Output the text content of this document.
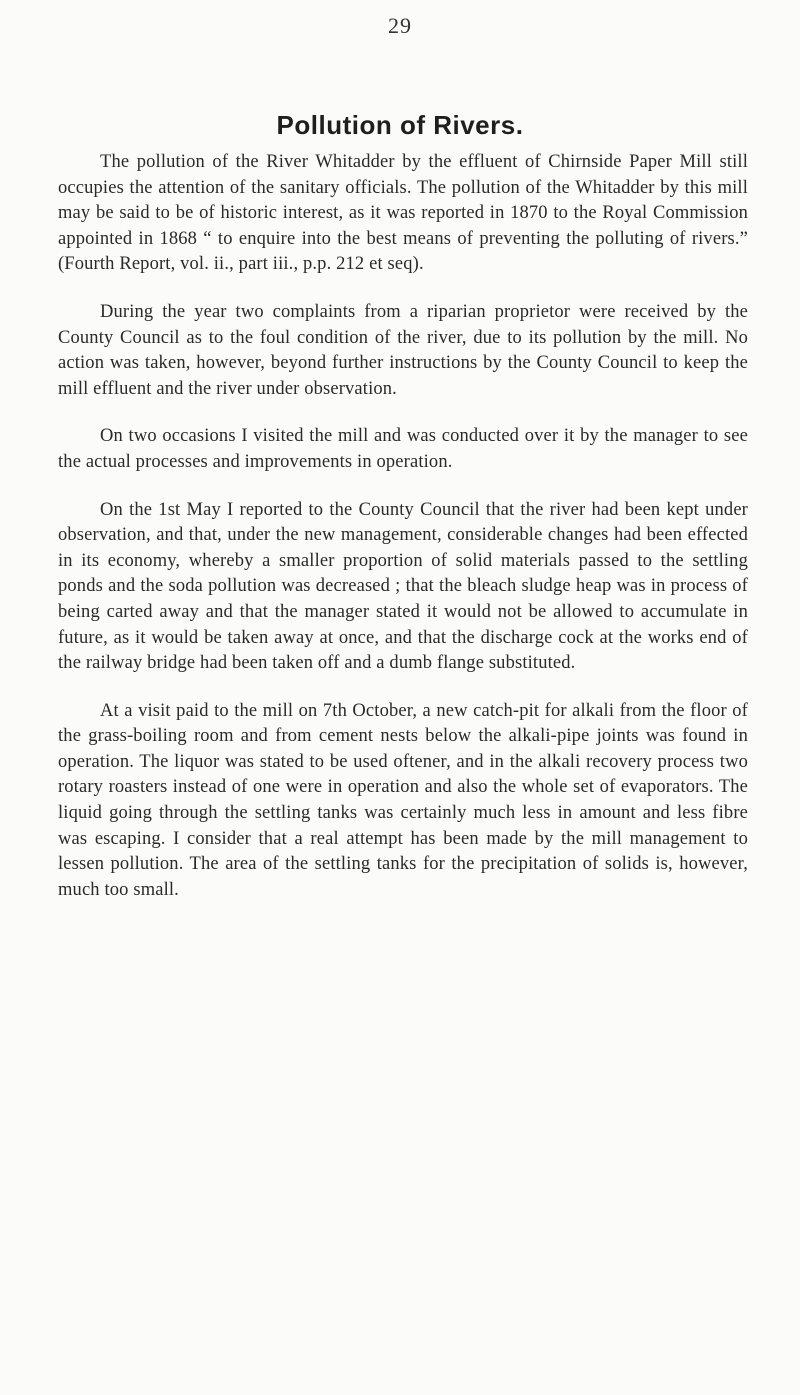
29
Pollution of Rivers.

The pollution of the River Whitadder by the effluent of Chirnside Paper Mill still occupies the attention of the sanitary officials. The pollution of the Whitadder by this mill may be said to be of historic interest, as it was reported in 1870 to the Royal Commission appointed in 1868 “ to enquire into the best means of preventing the polluting of rivers.” (Fourth Report, vol. ii., part iii., p.p. 212 et seq).

During the year two complaints from a riparian proprietor were received by the County Council as to the foul condition of the river, due to its pollution by the mill. No action was taken, however, beyond further instructions by the County Council to keep the mill effluent and the river under observation.

On two occasions I visited the mill and was conducted over it by the manager to see the actual processes and improvements in operation.

On the 1st May I reported to the County Council that the river had been kept under observation, and that, under the new management, considerable changes had been effected in its economy, whereby a smaller proportion of solid materials passed to the settling ponds and the soda pollution was decreased ; that the bleach sludge heap was in process of being carted away and that the manager stated it would not be allowed to accumulate in future, as it would be taken away at once, and that the discharge cock at the works end of the railway bridge had been taken off and a dumb flange substituted.

At a visit paid to the mill on 7th October, a new catch-pit for alkali from the floor of the grass-boiling room and from cement nests below the alkali-pipe joints was found in operation. The liquor was stated to be used oftener, and in the alkali recovery process two rotary roasters instead of one were in operation and also the whole set of evaporators. The liquid going through the settling tanks was certainly much less in amount and less fibre was escaping. I consider that a real attempt has been made by the mill management to lessen pollution. The area of the settling tanks for the precipitation of solids is, however, much too small.
